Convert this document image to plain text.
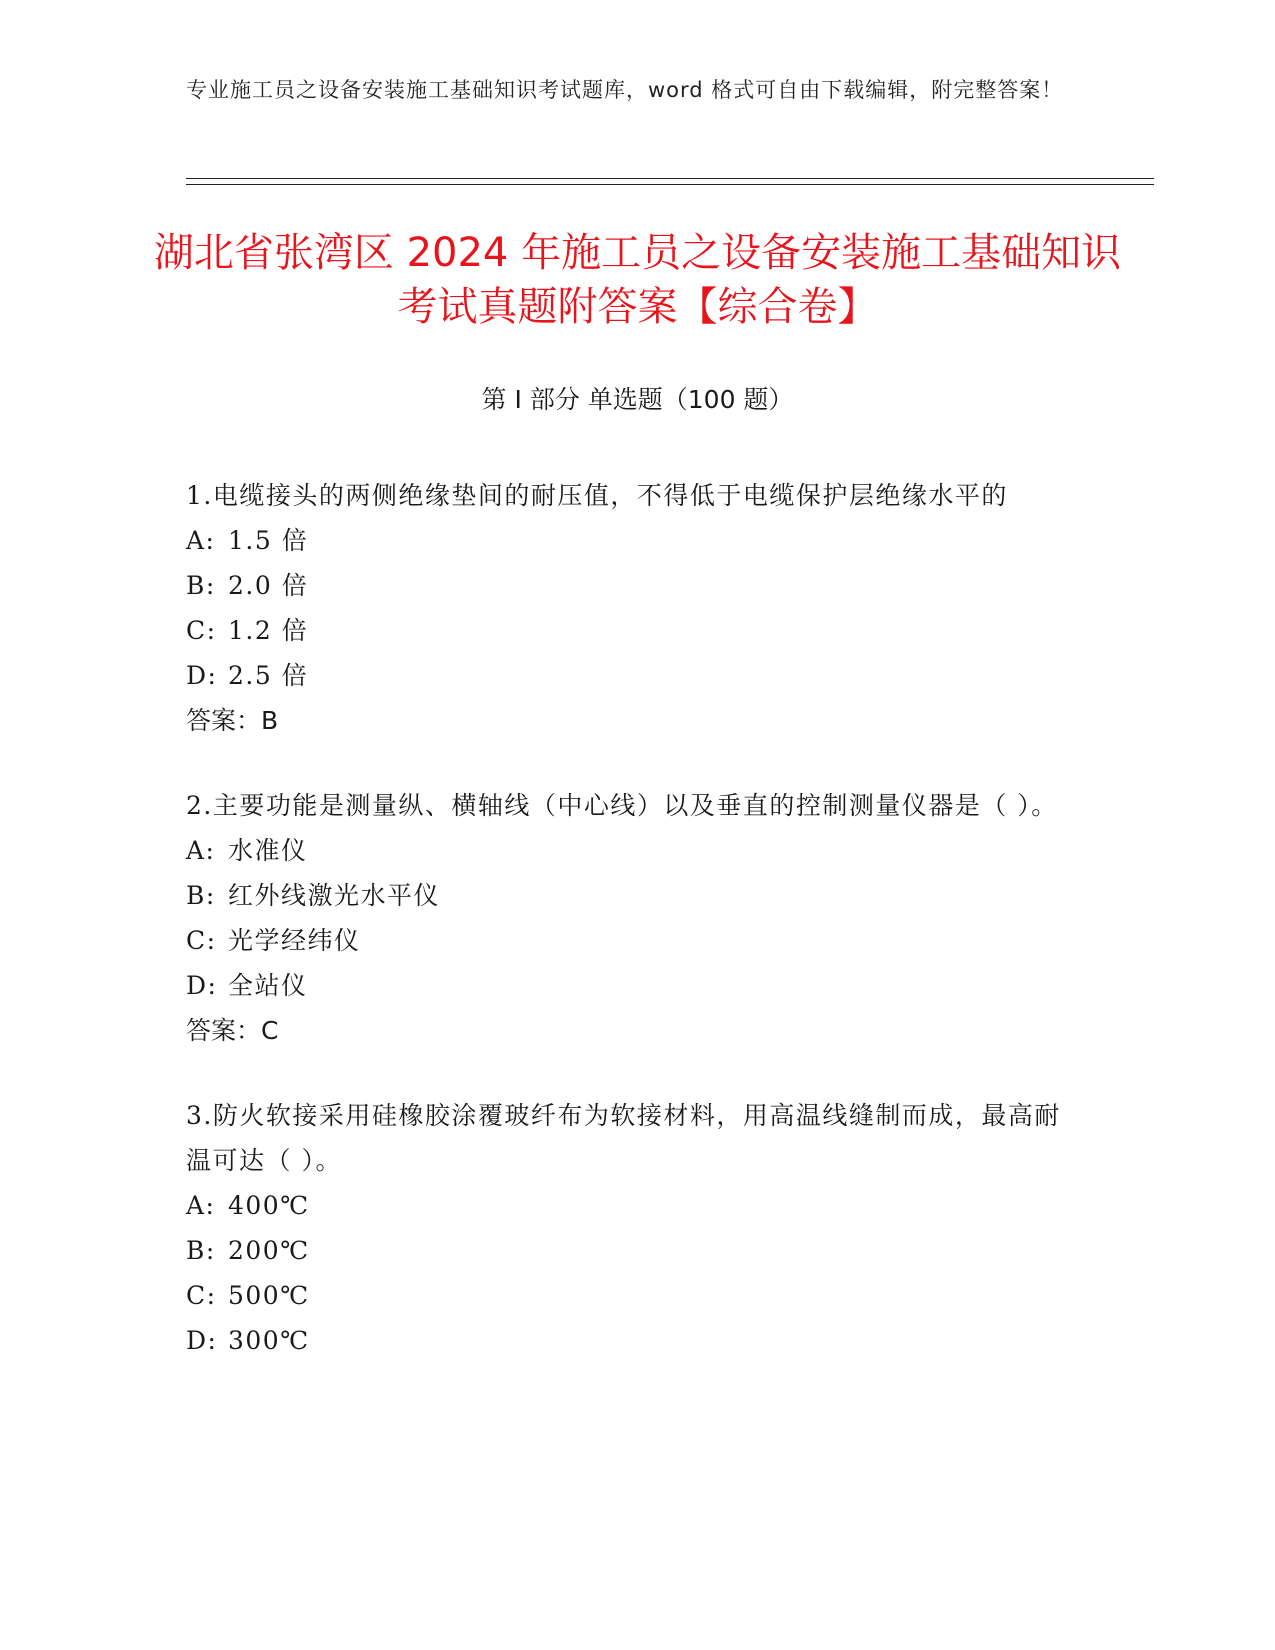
专业施工员之设备安装施工基础知识考试题库，word 格式可自由下载编辑，附完整答案！
湖北省张湾区 2024 年施工员之设备安装施工基础知识考试真题附答案【综合卷】
第 I 部分 单选题（100 题）
1.电缆接头的两侧绝缘垫间的耐压值，不得低于电缆保护层绝缘水平的
A: 1.5 倍
B: 2.0 倍
C: 1.2 倍
D: 2.5 倍
答案：B
2.主要功能是测量纵、横轴线（中心线）以及垂直的控制测量仪器是（ ）。
A: 水准仪
B: 红外线激光水平仪
C: 光学经纬仪
D: 全站仪
答案：C
3.防火软接采用硅橡胶涂覆玻纤布为软接材料，用高温线缝制而成，最高耐温可达（ ）。
A: 400℃
B: 200℃
C: 500℃
D: 300℃
